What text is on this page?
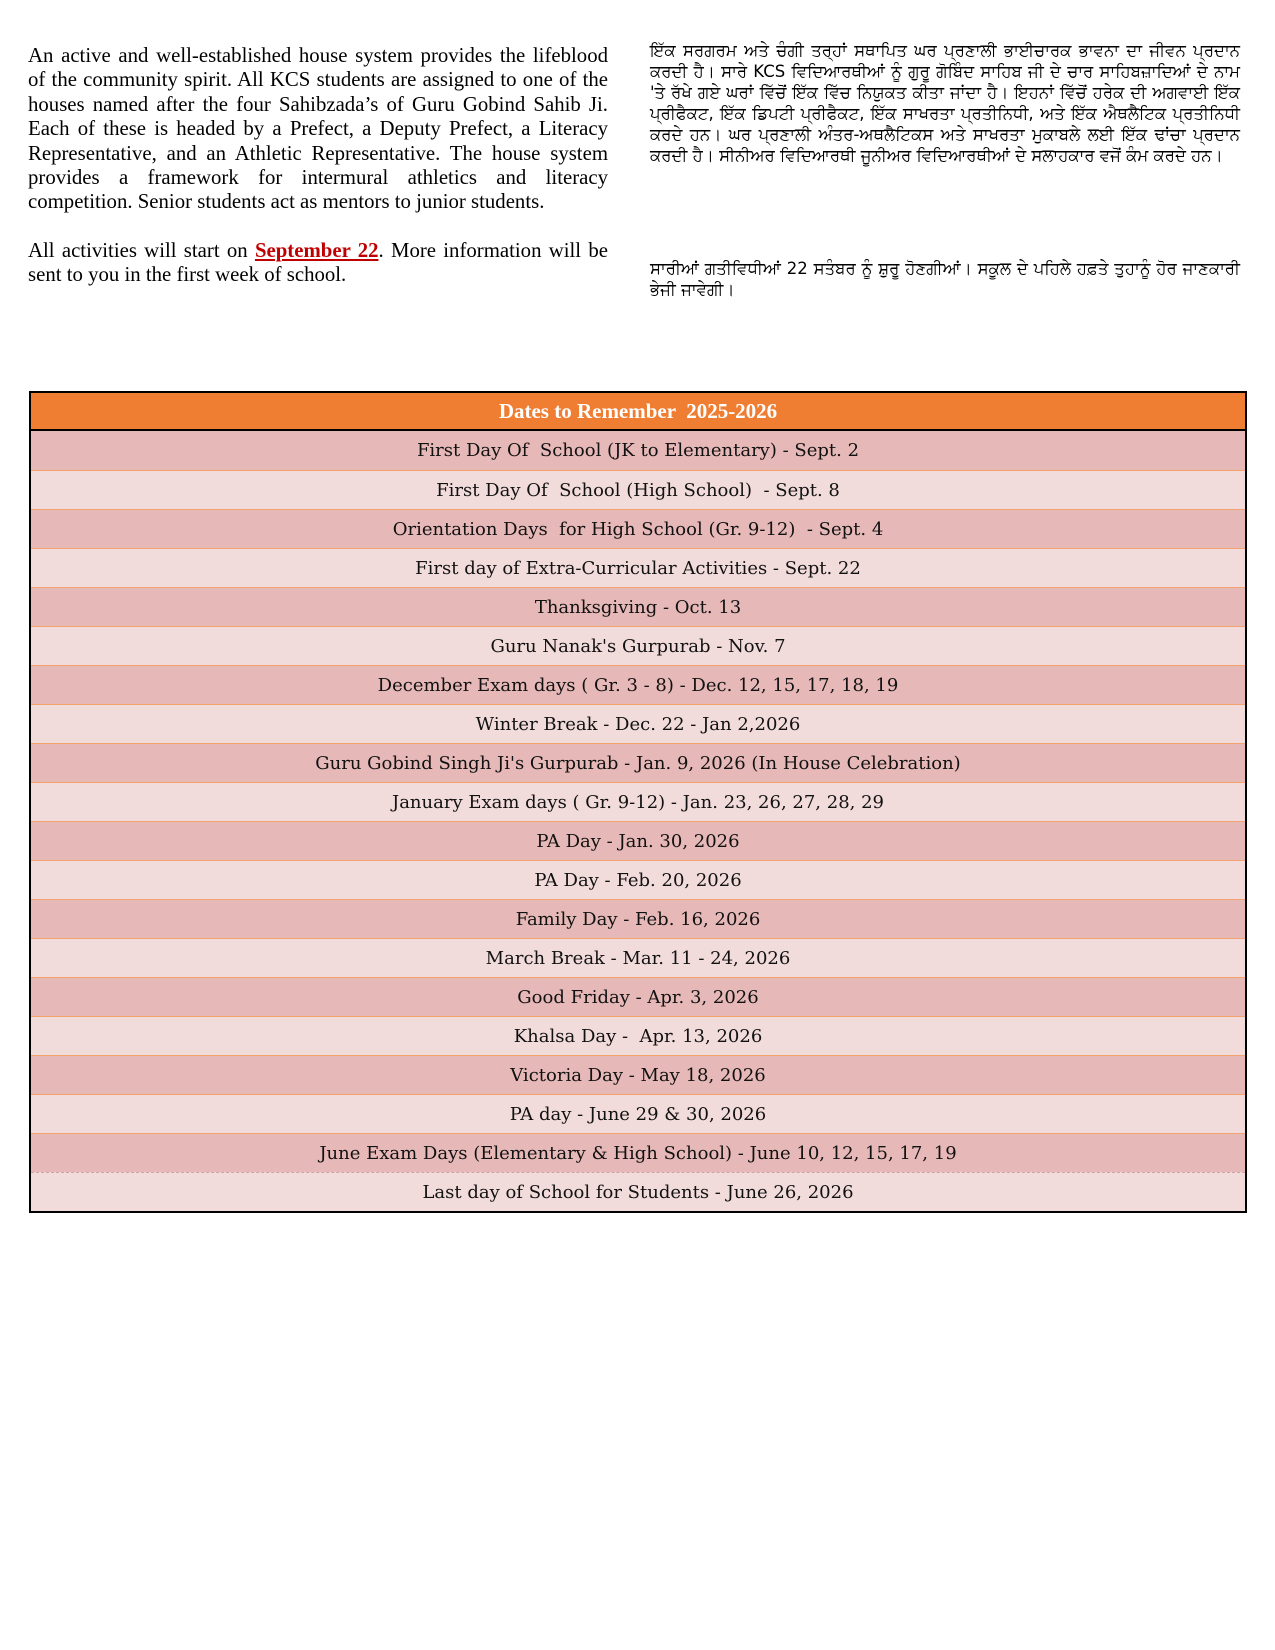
An active and well-established house system provides the lifeblood of the community spirit. All KCS students are assigned to one of the houses named after the four Sahibzada’s of Guru Gobind Sahib Ji. Each of these is headed by a Prefect, a Deputy Prefect, a Literacy Representative, and an Athletic Representative. The house system provides a framework for intermural athletics and literacy competition. Senior students act as mentors to junior students.

All activities will start on September 22. More information will be sent to you in the first week of school.

ਇੱਕ ਸਰਗਰਮ ਅਤੇ ਚੰਗੀ ਤਰ੍ਹਾਂ ਸਥਾਪਿਤ ਘਰ ਪ੍ਰਣਾਲੀ ਭਾਈਚਾਰਕ ਭਾਵਨਾ ਦਾ ਜੀਵਨ ਪ੍ਰਦਾਨ ਕਰਦੀ ਹੈ। ਸਾਰੇ KCS ਵਿਦਿਆਰਥੀਆਂ ਨੂੰ ਗੁਰੂ ਗੋਬਿੰਦ ਸਾਹਿਬ ਜੀ ਦੇ ਚਾਰ ਸਾਹਿਬਜ਼ਾਦਿਆਂ ਦੇ ਨਾਮ 'ਤੇ ਰੱਖੇ ਗਏ ਘਰਾਂ ਵਿੱਚੋਂ ਇੱਕ ਵਿੱਚ ਨਿਯੁਕਤ ਕੀਤਾ ਜਾਂਦਾ ਹੈ। ਇਹਨਾਂ ਵਿੱਚੋਂ ਹਰੇਕ ਦੀ ਅਗਵਾਈ ਇੱਕ ਪ੍ਰੀਫੈਕਟ, ਇੱਕ ਡਿਪਟੀ ਪ੍ਰੀਫੈਕਟ, ਇੱਕ ਸਾਖਰਤਾ ਪ੍ਰਤੀਨਿਧੀ, ਅਤੇ ਇੱਕ ਐਥਲੈਟਿਕ ਪ੍ਰਤੀਨਿਧੀ ਕਰਦੇ ਹਨ। ਘਰ ਪ੍ਰਣਾਲੀ ਅੰਤਰ-ਅਥਲੈਟਿਕਸ ਅਤੇ ਸਾਖਰਤਾ ਮੁਕਾਬਲੇ ਲਈ ਇੱਕ ਢਾਂਚਾ ਪ੍ਰਦਾਨ ਕਰਦੀ ਹੈ। ਸੀਨੀਅਰ ਵਿਦਿਆਰਥੀ ਜੂਨੀਅਰ ਵਿਦਿਆਰਥੀਆਂ ਦੇ ਸਲਾਹਕਾਰ ਵਜੋਂ ਕੰਮ ਕਰਦੇ ਹਨ।

ਸਾਰੀਆਂ ਗਤੀਵਿਧੀਆਂ 22 ਸਤੰਬਰ ਨੂੰ ਸ਼ੁਰੂ ਹੋਣਗੀਆਂ। ਸਕੂਲ ਦੇ ਪਹਿਲੇ ਹਫ਼ਤੇ ਤੁਹਾਨੂੰ ਹੋਰ ਜਾਣਕਾਰੀ ਭੇਜੀ ਜਾਵੇਗੀ।

Dates to Remember  2025-2026
First Day Of  School (JK to Elementary) - Sept. 2
First Day Of  School (High School)  - Sept. 8
Orientation Days  for High School (Gr. 9-12)  - Sept. 4
First day of Extra-Curricular Activities - Sept. 22
Thanksgiving - Oct. 13
Guru Nanak's Gurpurab - Nov. 7
December Exam days ( Gr. 3 - 8) - Dec. 12, 15, 17, 18, 19
Winter Break - Dec. 22 - Jan 2,2026
Guru Gobind Singh Ji's Gurpurab - Jan. 9, 2026 (In House Celebration)
January Exam days ( Gr. 9-12) - Jan. 23, 26, 27, 28, 29
PA Day - Jan. 30, 2026
PA Day - Feb. 20, 2026
Family Day - Feb. 16, 2026
March Break - Mar. 11 - 24, 2026
Good Friday - Apr. 3, 2026
Khalsa Day -  Apr. 13, 2026
Victoria Day - May 18, 2026
PA day - June 29 & 30, 2026
June Exam Days (Elementary & High School) - June 10, 12, 15, 17, 19
Last day of School for Students - June 26, 2026
